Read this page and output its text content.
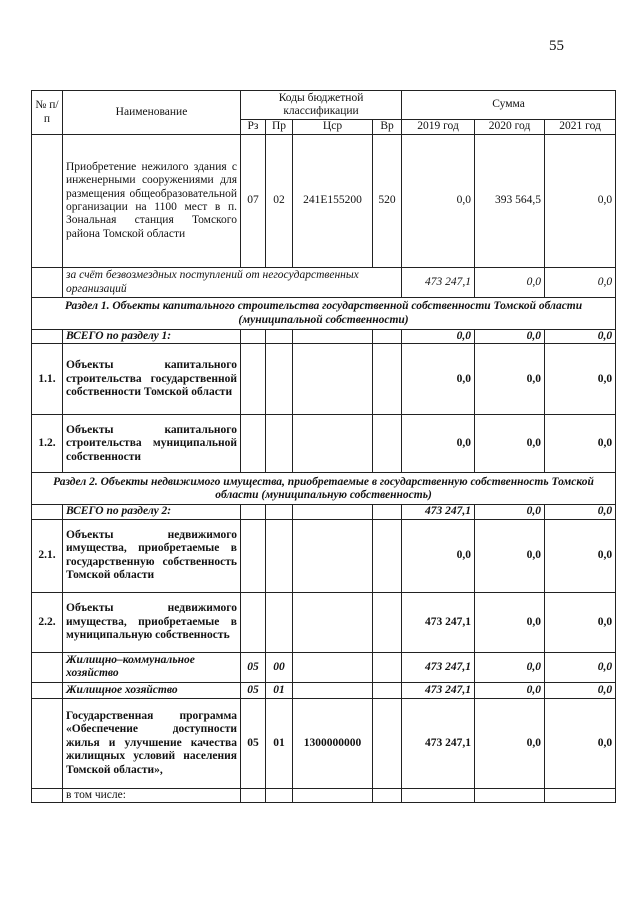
55
№ п/п	Наименование	Коды бюджетной классификации				Сумма		
		Рз	Пр	Цср	Вр	2019 год	2020 год	2021 год
	Приобретение нежилого здания с инженерными сооружениями для размещения общеобразовательной организации на 1100 мест в п. Зональная станция Томского района Томской области	07	02	241E155200	520	0,0	393 564,5	0,0
	за счёт безвозмездных поступлений от негосударственных организаций					473 247,1	0,0	0,0
Раздел 1. Объекты капитального строительства государственной собственности Томской области (муниципальной собственности)								
	ВСЕГО по разделу 1:					0,0	0,0	0,0
1.1.	Объекты капитального строительства государственной собственности Томской области					0,0	0,0	0,0
1.2.	Объекты капитального строительства муниципальной собственности					0,0	0,0	0,0
Раздел 2. Объекты недвижимого имущества, приобретаемые в государственную собственность Томской области (муниципальную собственность)								
	ВСЕГО по разделу 2:					473 247,1	0,0	0,0
2.1.	Объекты недвижимого имущества, приобретаемые в государственную собственность Томской области					0,0	0,0	0,0
2.2.	Объекты недвижимого имущества, приобретаемые в муниципальную собственность					473 247,1	0,0	0,0
	Жилищно–коммунальное хозяйство	05	00			473 247,1	0,0	0,0
	Жилищное хозяйство	05	01			473 247,1	0,0	0,0
	Государственная программа «Обеспечение доступности жилья и улучшение качества жилищных условий населения Томской области»,	05	01	1300000000		473 247,1	0,0	0,0
	в том числе:							
